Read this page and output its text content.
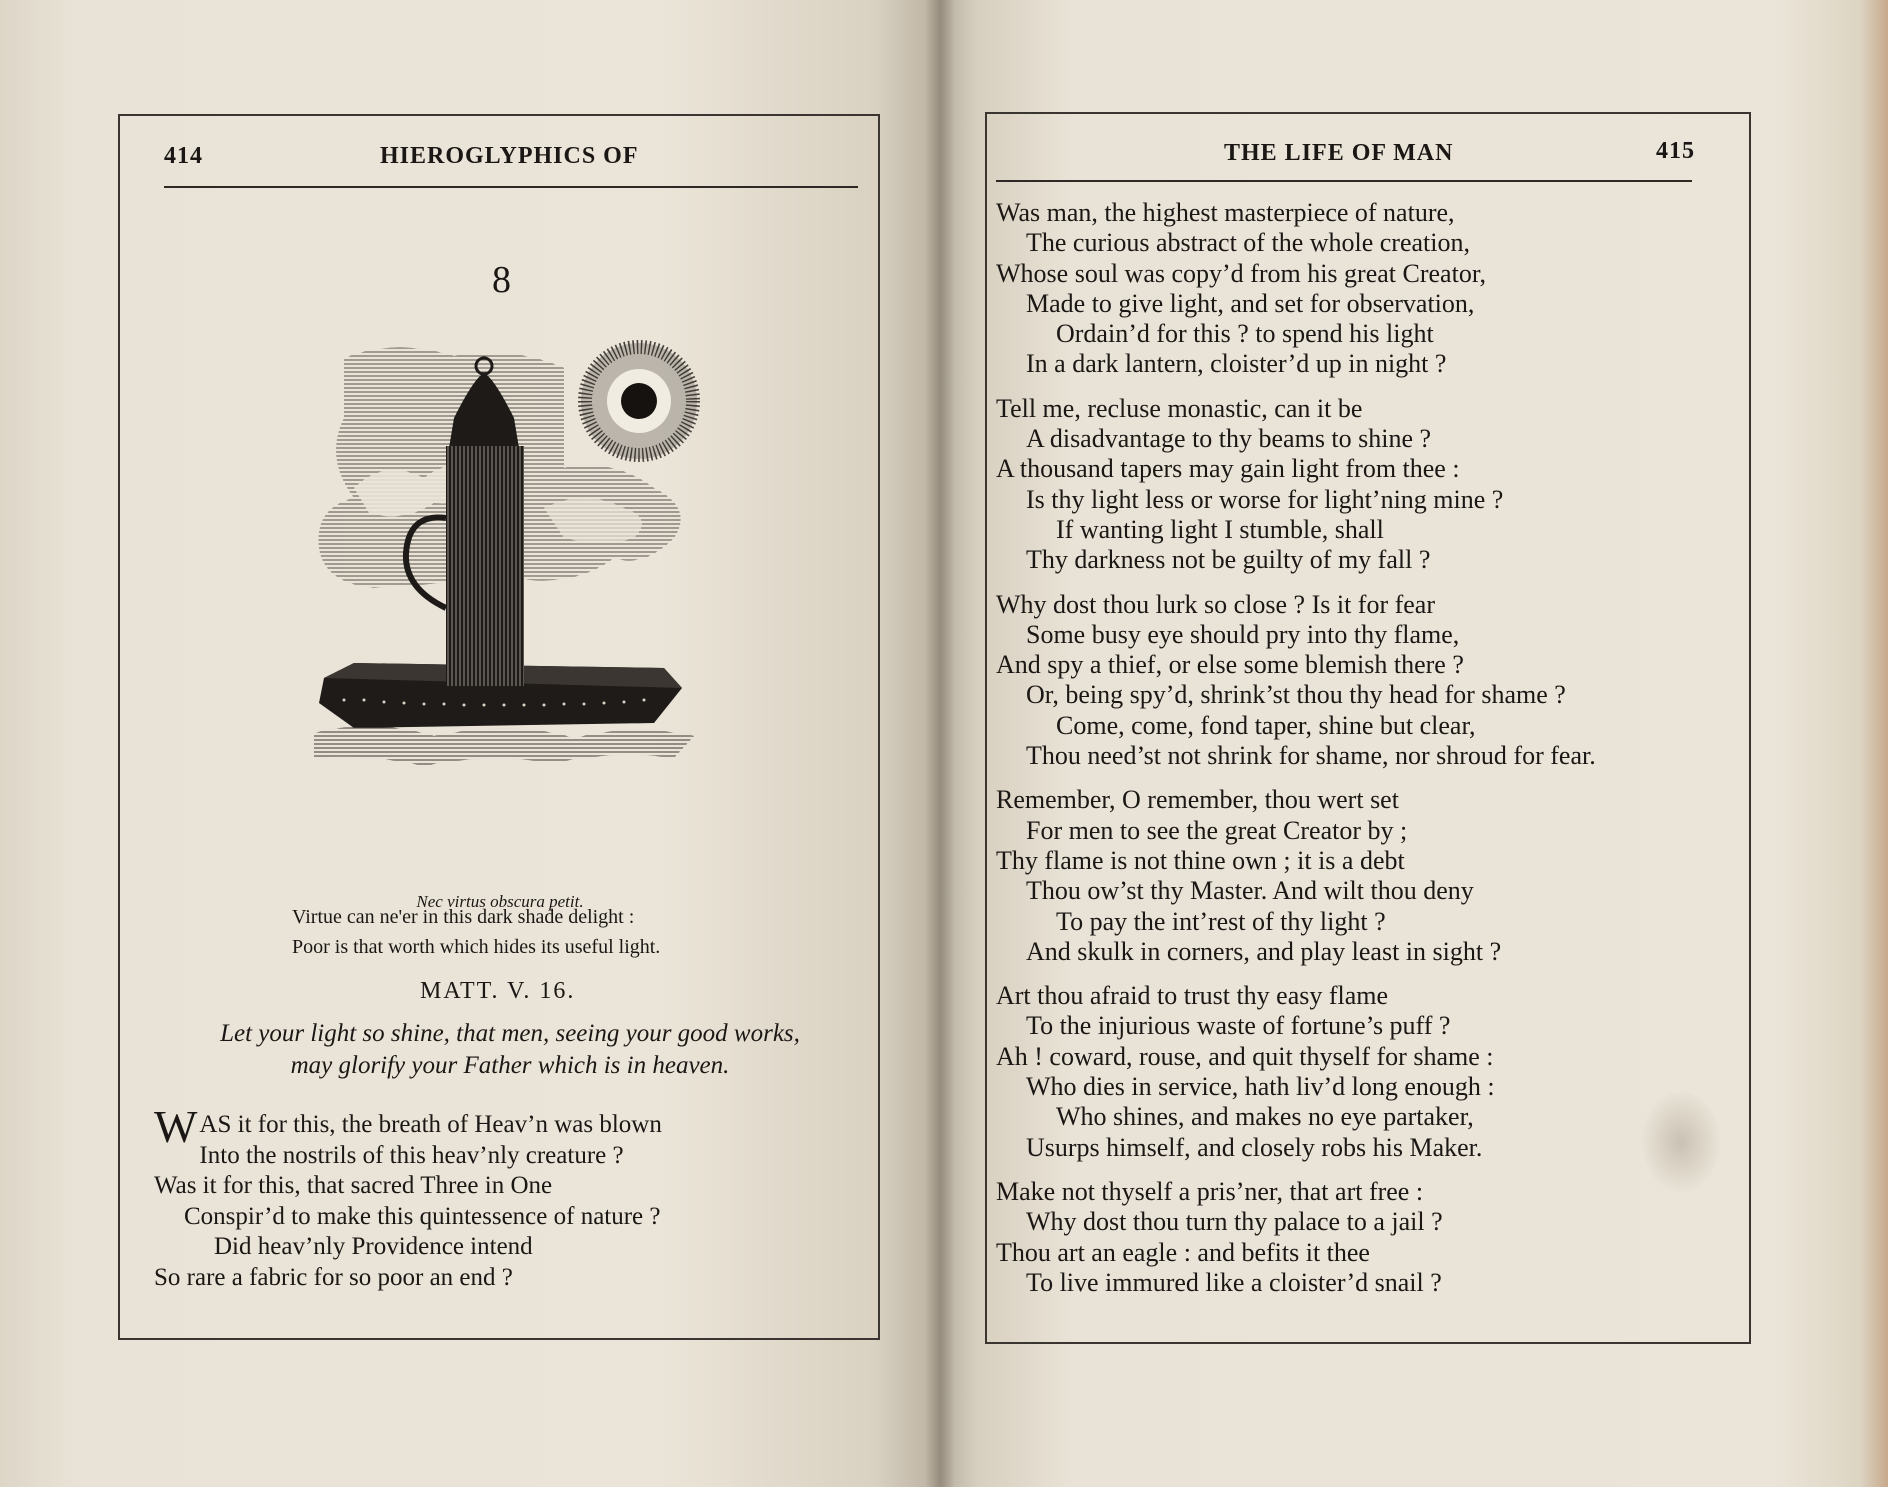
414	HIEROGLYPHICS OF
8
Nec virtus obscura petit.
Virtue can ne'er in this dark shade delight :
Poor is that worth which hides its useful light.
MATT. V. 16.
Let your light so shine, that men, seeing your good works,
may glorify your Father which is in heaven.
WAS it for this, the breath of Heav’n was blown
Into the nostrils of this heav’nly creature ?
Was it for this, that sacred Three in One
Conspir’d to make this quintessence of nature ?
Did heav’nly Providence intend
So rare a fabric for so poor an end ?
THE LIFE OF MAN	415
Was man, the highest masterpiece of nature,
The curious abstract of the whole creation,
Whose soul was copy’d from his great Creator,
Made to give light, and set for observation,
Ordain’d for this ? to spend his light
In a dark lantern, cloister’d up in night ?
Tell me, recluse monastic, can it be
A disadvantage to thy beams to shine ?
A thousand tapers may gain light from thee :
Is thy light less or worse for light’ning mine ?
If wanting light I stumble, shall
Thy darkness not be guilty of my fall ?
Why dost thou lurk so close ? Is it for fear
Some busy eye should pry into thy flame,
And spy a thief, or else some blemish there ?
Or, being spy’d, shrink’st thou thy head for shame ?
Come, come, fond taper, shine but clear,
Thou need’st not shrink for shame, nor shroud for fear.
Remember, O remember, thou wert set
For men to see the great Creator by ;
Thy flame is not thine own ; it is a debt
Thou ow’st thy Master. And wilt thou deny
To pay the int’rest of thy light ?
And skulk in corners, and play least in sight ?
Art thou afraid to trust thy easy flame
To the injurious waste of fortune’s puff ?
Ah ! coward, rouse, and quit thyself for shame :
Who dies in service, hath liv’d long enough :
Who shines, and makes no eye partaker,
Usurps himself, and closely robs his Maker.
Make not thyself a pris’ner, that art free :
Why dost thou turn thy palace to a jail ?
Thou art an eagle : and befits it thee
To live immured like a cloister’d snail ?
